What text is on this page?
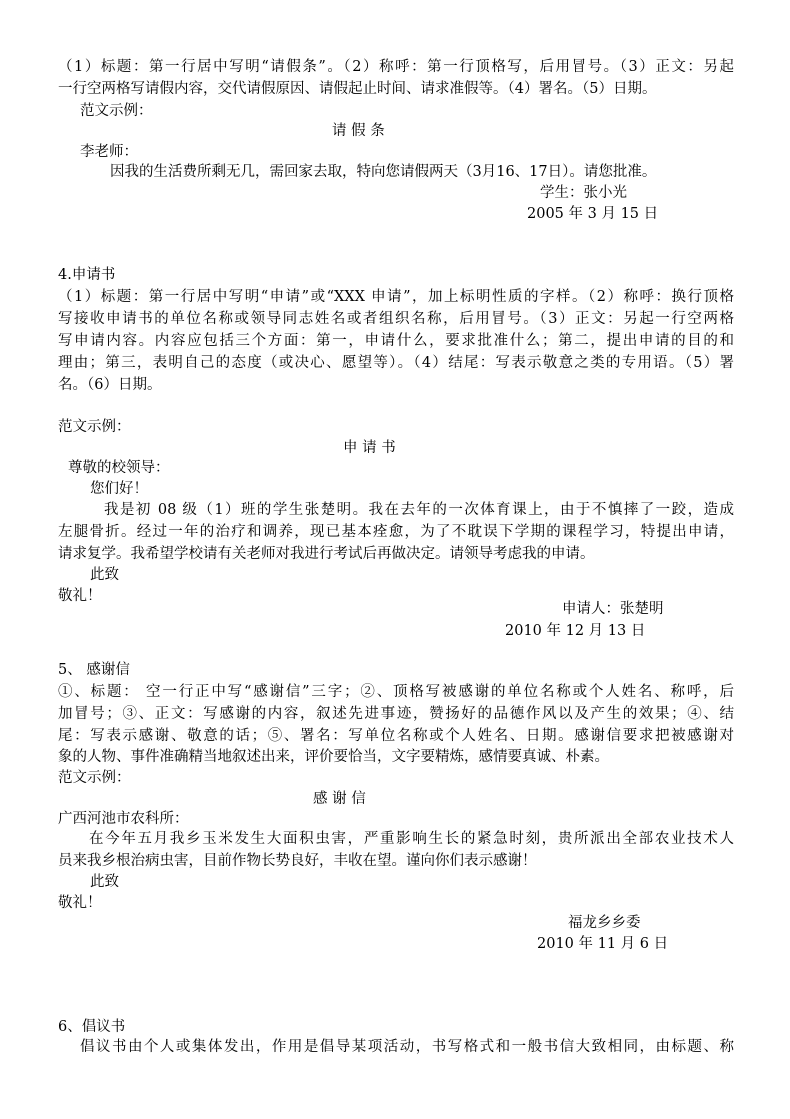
（1）标题：第一行居中写明“请假条”。（2）称呼：第一行顶格写，后用冒号。（3）正文：另起
一行空两格写请假内容，交代请假原因、请假起止时间、请求准假等。（4）署名。（5）日期。
范文示例：
请 假 条
李老师：
因我的生活费所剩无几，需回家去取，特向您请假两天（3月16、17日）。请您批准。
学生：张小光
2005 年 3 月 15 日
4.申请书
（1）标题：第一行居中写明“申请”或“XXX 申请”，加上标明性质的字样。（2）称呼：换行顶格
写接收申请书的单位名称或领导同志姓名或者组织名称，后用冒号。（3）正文：另起一行空两格
写申请内容。内容应包括三个方面：第一，申请什么，要求批准什么；第二，提出申请的目的和
理由；第三，表明自己的态度（或决心、愿望等）。（4）结尾：写表示敬意之类的专用语。（5）署
名。（6）日期。
范文示例：
申 请 书
尊敬的校领导：
您们好！
我是初 08 级（1）班的学生张楚明。我在去年的一次体育课上，由于不慎摔了一跤，造成
左腿骨折。经过一年的治疗和调养，现已基本痊愈，为了不耽误下学期的课程学习，特提出申请，
请求复学。我希望学校请有关老师对我进行考试后再做决定。请领导考虑我的申请。
此致
敬礼！
申请人：张楚明
2010 年 12 月 13 日
5、 感谢信
①、标题： 空一行正中写“感谢信”三字；②、顶格写被感谢的单位名称或个人姓名、称呼，后
加冒号；③、正文：写感谢的内容，叙述先进事迹，赞扬好的品德作风以及产生的效果；④、结
尾：写表示感谢、敬意的话；⑤、署名：写单位名称或个人姓名、日期。感谢信要求把被感谢对
象的人物、事件准确精当地叙述出来，评价要恰当，文字要精炼，感情要真诚、朴素。
范文示例：
感 谢 信
广西河池市农科所：
在今年五月我乡玉米发生大面积虫害，严重影响生长的紧急时刻，贵所派出全部农业技术人
员来我乡根治病虫害，目前作物长势良好，丰收在望。谨向你们表示感谢！
此致
敬礼！
福龙乡乡委
2010 年 11 月 6 日
6、倡议书
倡议书由个人或集体发出，作用是倡导某项活动，书写格式和一般书信大致相同，由标题、称
